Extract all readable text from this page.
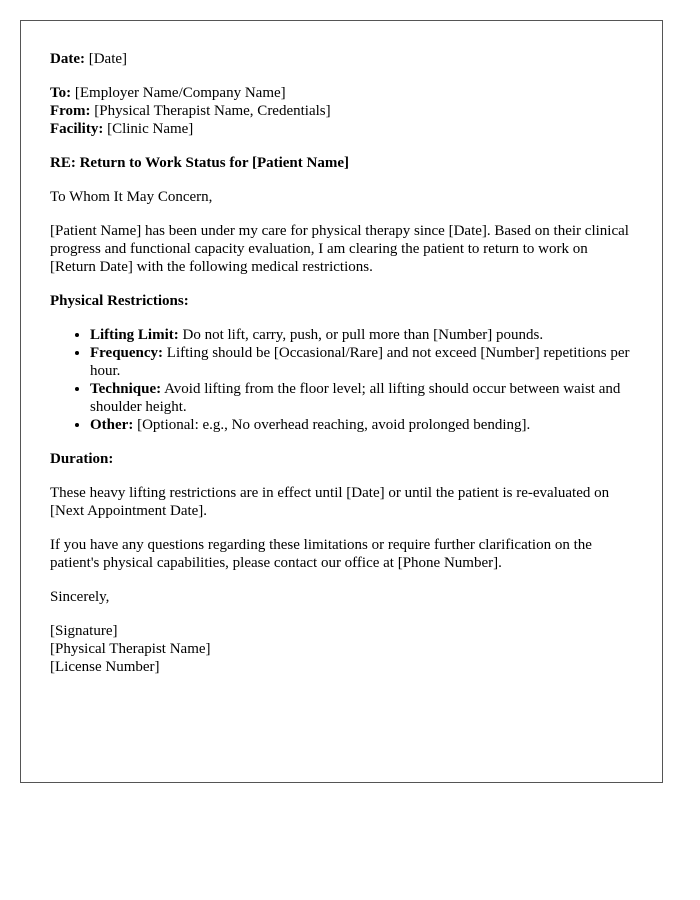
Date: [Date]

To: [Employer Name/Company Name]
From: [Physical Therapist Name, Credentials]
Facility: [Clinic Name]

RE: Return to Work Status for [Patient Name]

To Whom It May Concern,

[Patient Name] has been under my care for physical therapy since [Date]. Based on their clinical progress and functional capacity evaluation, I am clearing the patient to return to work on [Return Date] with the following medical restrictions.

Physical Restrictions:

• Lifting Limit: Do not lift, carry, push, or pull more than [Number] pounds.
• Frequency: Lifting should be [Occasional/Rare] and not exceed [Number] repetitions per hour.
• Technique: Avoid lifting from the floor level; all lifting should occur between waist and shoulder height.
• Other: [Optional: e.g., No overhead reaching, avoid prolonged bending].

Duration:

These heavy lifting restrictions are in effect until [Date] or until the patient is re-evaluated on [Next Appointment Date].

If you have any questions regarding these limitations or require further clarification on the patient's physical capabilities, please contact our office at [Phone Number].

Sincerely,

[Signature]
[Physical Therapist Name]
[License Number]
